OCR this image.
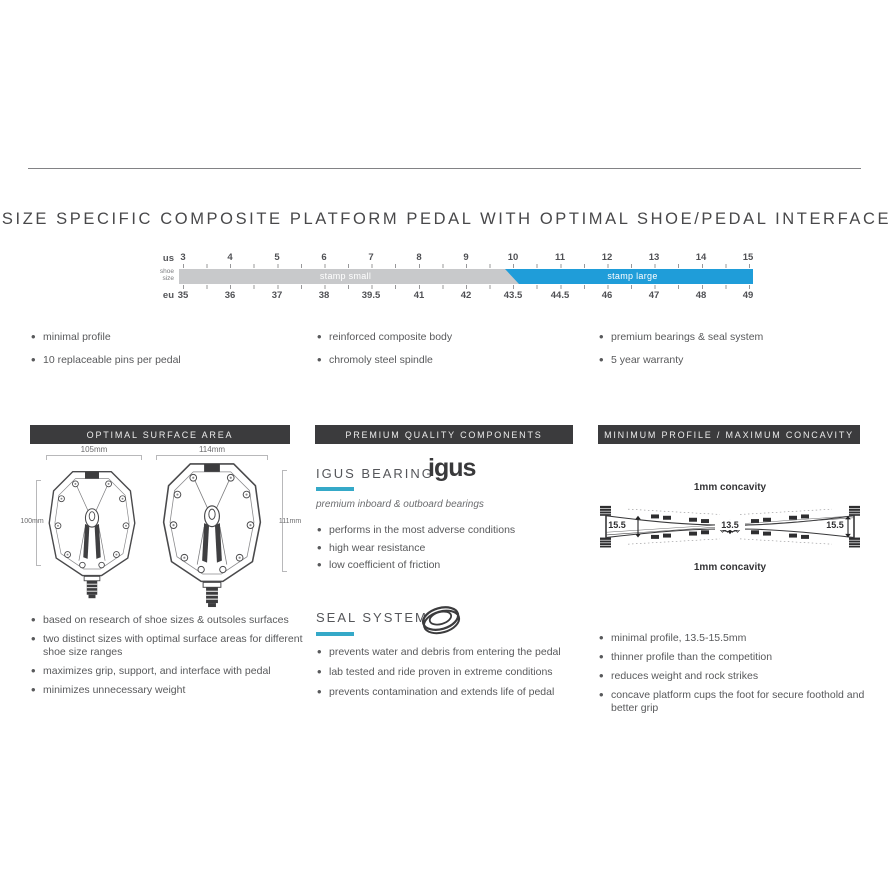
SIZE SPECIFIC COMPOSITE PLATFORM PEDAL WITH OPTIMAL SHOE/PEDAL INTERFACE
us
shoe size
eu
3	4	5	6	7	8	9	10	11	12	13	14	15
stamp small	stamp large
35	36	37	38	39.5	41	42	43.5	44.5	46	47	48	49
• minimal profile
• 10 replaceable pins per pedal
• reinforced composite body
• chromoly steel spindle
• premium bearings & seal system
• 5 year warranty
OPTIMAL SURFACE AREA	PREMIUM QUALITY COMPONENTS	MINIMUM PROFILE / MAXIMUM CONCAVITY
105mm	114mm
100mm	111mm
• based on research of shoe sizes & outsoles surfaces
• two distinct sizes with optimal surface areas for different shoe size ranges
• maximizes grip, support, and interface with pedal
• minimizes unnecessary weight
IGUS BEARING
igus
premium inboard & outboard bearings
• performs in the most adverse conditions
• high wear resistance
• low coefficient of friction
SEAL SYSTEM
• prevents water and debris from entering the pedal
• lab tested and ride proven in extreme conditions
• prevents contamination and extends life of pedal
1mm concavity
15.5	13.5	15.5
1mm concavity
• minimal profile, 13.5-15.5mm
• thinner profile than the competition
• reduces weight and rock strikes
• concave platform cups the foot for secure foothold and better grip
